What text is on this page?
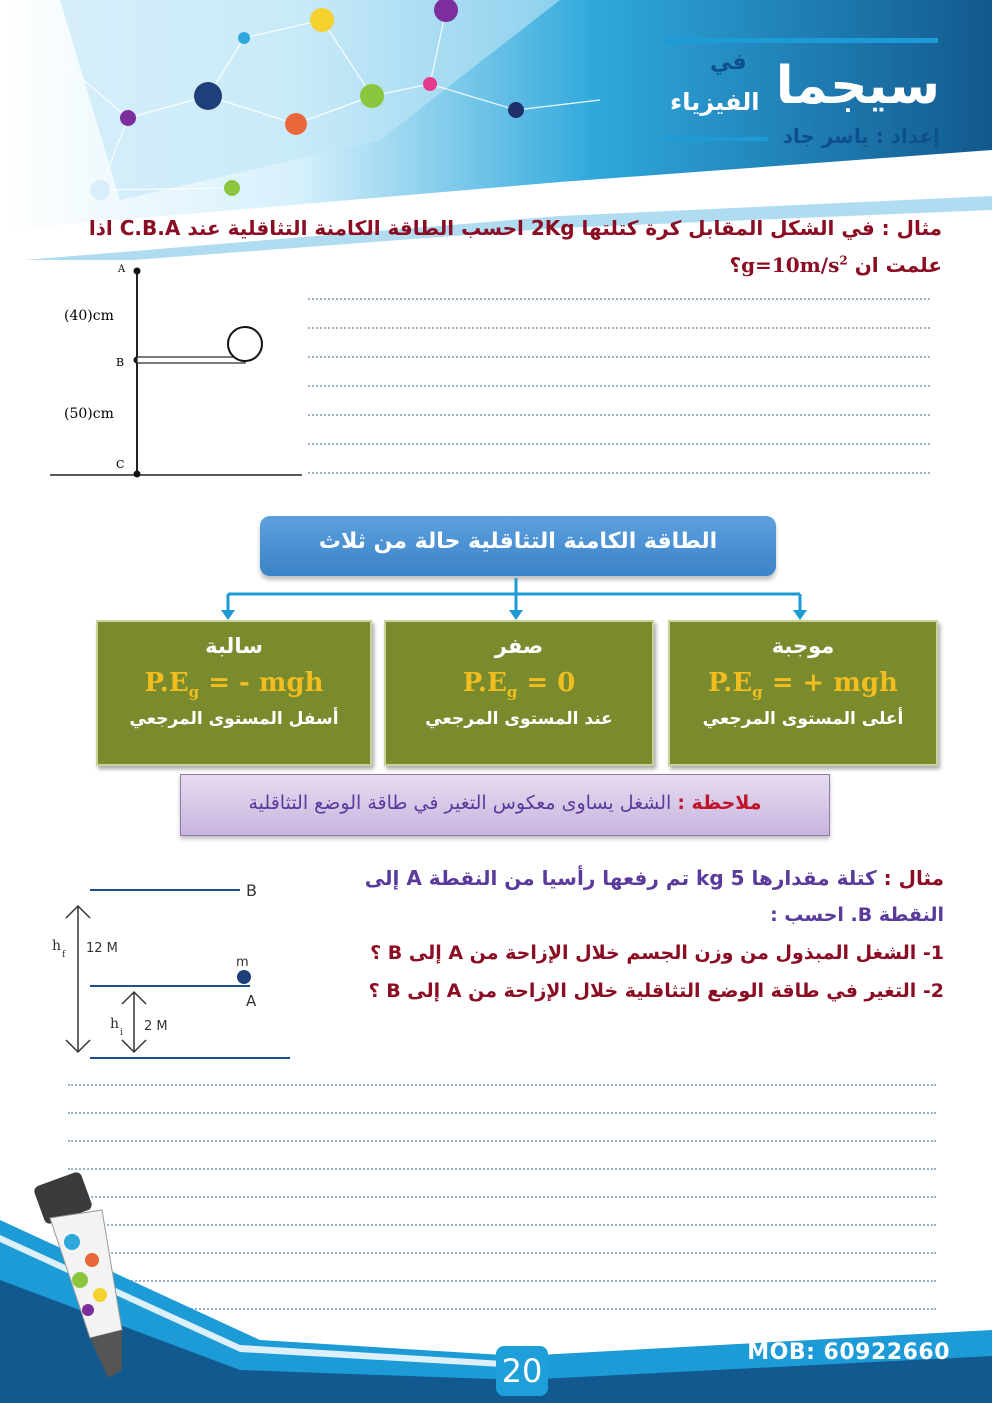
سيجما
في
الفيزياء
إعداد : ياسر جاد
مثال : في الشكل المقابل كرة كتلتها 2Kg احسب الطاقة الكامنة التثاقلية عند C.B.A اذا
علمت ان $g=10m/s^2؟$
A
B
C
(40)cm
(50)cm
الطاقة الكامنة التثاقلية حالة من ثلاث
موجبة
$P.E_g$ = + mgh
أعلى المستوى المرجعي
صفر
$P.E_g = 0$
عند المستوى المرجعي
سالبة
$P.E_g$ = - mgh
أسفل المستوى المرجعي
ملاحظة : الشغل يساوى معكوس التغير في طاقة الوضع التثاقلية
مثال : كتلة مقدارها 5 kg تم رفعها رأسيا من النقطة A إلى
النقطة B. احسب :
1- الشغل المبذول من وزن الجسم خلال الإزاحة من A إلى B ؟
2- التغير في طاقة الوضع التثاقلية خلال الإزاحة من A إلى B ؟
B
A
m
h
f
h
i
12 M
2 M
MOB: 60922660
20
